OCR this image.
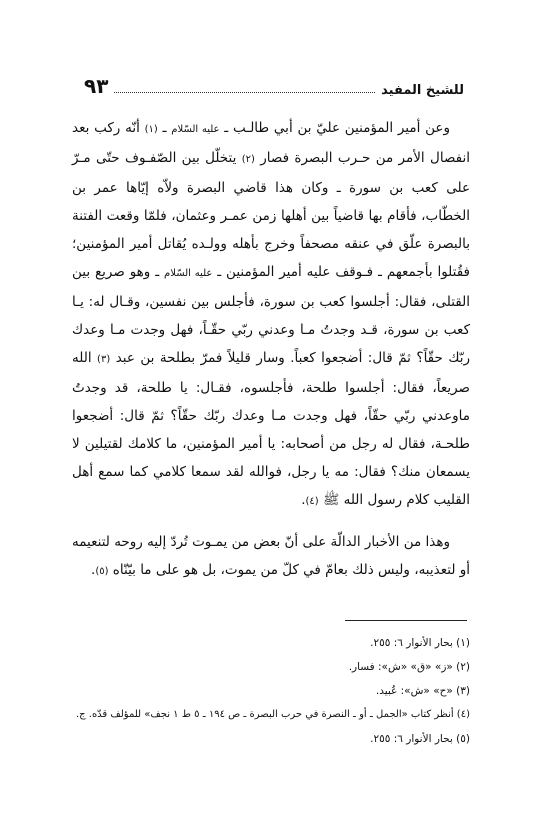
للشيخ المفيد
٩٣

وعن أمير المؤمنين عليّ بن أبي طالـب ـ عليه السّلام ـ (١) أنّه ركب بعد انفصال الأمر من حـرب البصرة فصار (٢) يتخلّل بين الصّفـوف حتّى مـرّ على كعب بن سورة ـ وكان هذا قاضي البصرة ولاّه إيّاها عمر بن الخطّاب، فأقام بها قاضياً بين أهلها زمن عمـر وعثمان، فلمّا وقعت الفتنة بالبصرة علّق في عنقه مصحفاً وخرج بأهله وولـده يُقاتل أمير المؤمنين؛ فقُتلوا بأجمعهم ـ فـوقف عليه أمير المؤمنين ـ عليه السّلام ـ وهو صريع بين القتلى، فقال: أجلسوا كعب بن سورة، فأجلس بين نفسين، وقـال له: يـا كعب بن سورة، قـد وجدتُ مـا وعدني ربّي حقّـاً، فهل وجدت مـا وعدك ربّك حقّاً؟ ثمّ قال: أضجعوا كعباً. وسار قليلاً فمرّ بطلحة بن عبد (٣) الله صريعاً، فقال: أجلسوا طلحة، فأجلسوه، فقـال: يا طلحة، قد وجدتُ ماوعدني ربّي حقّاً، فهل وجدت مـا وعدك ربّك حقّاً؟ ثمّ قال: أضجعوا طلحـة، فقال له رجل من أصحابه: يا أمير المؤمنين، ما كلامك لقتيلين لا يسمعان منك؟ فقال: مه يا رجل، فوالله لقد سمعا كلامي كما سمع أهل القليب كلام رسول الله ﷺ (٤).

وهذا من الأخبار الدالّة على أنّ بعض من يمـوت تُردّ إليه روحه لتنعيمه أو لتعذيبه، وليس ذلك بعامّ في كلّ من يموت، بل هو على ما بيّنّاه (٥).

(١) بحار الأنوار ٦: ٢٥٥.
(٢) «ز» «ق» «ش»: فسار.
(٣) «ح» «ش»: عُبيد.
(٤) أنظر كتاب «الجمل ـ أو ـ النصرة في حرب البصرة ـ ص ١٩٤ ـ ٥ ط ١ نجف» للمؤلف قدّه. ج.
(٥) بحار الأنوار ٦: ٢٥٥.
